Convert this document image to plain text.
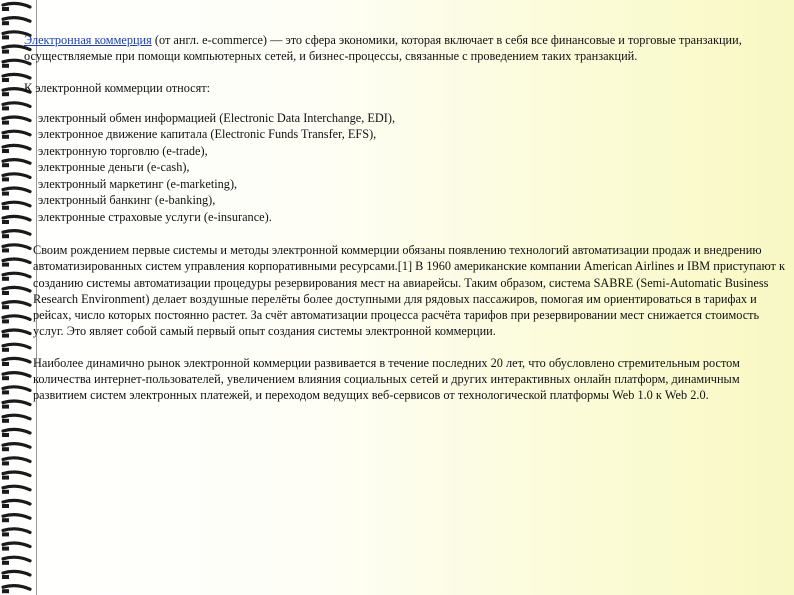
Электронная коммерция (от англ. e-commerce) — это сфера экономики, которая включает в себя все финансовые и торговые транзакции, осуществляемые при помощи компьютерных сетей, и бизнес-процессы, связанные с проведением таких транзакций.

К электронной коммерции относят:

электронный обмен информацией (Electronic Data Interchange, EDI),
электронное движение капитала (Electronic Funds Transfer, EFS),
электронную торговлю (e-trade),
электронные деньги (e-cash),
электронный маркетинг (e-marketing),
электронный банкинг (e-banking),
электронные страховые услуги (e-insurance).

Своим рождением первые системы и методы электронной коммерции обязаны появлению технологий автоматизации продаж и внедрению автоматизированных систем управления корпоративными ресурсами.[1] В 1960 американские компании American Airlines и IBM приступают к созданию системы автоматизации процедуры резервирования мест на авиарейсы. Таким образом, система SABRE (Semi-Automatic Business Research Environment) делает воздушные перелёты более доступными для рядовых пассажиров, помогая им ориентироваться в тарифах и рейсах, число которых постоянно растет. За счёт автоматизации процесса расчёта тарифов при резервировании мест снижается стоимость услуг. Это являет собой самый первый опыт создания системы электронной коммерции.

Наиболее динамично рынок электронной коммерции развивается в течение последних 20 лет, что обусловлено стремительным ростом количества интернет-пользователей, увеличением влияния социальных сетей и других интерактивных онлайн платформ, динамичным развитием систем электронных платежей, и переходом ведущих веб-сервисов от технологической платформы Web 1.0 к Web 2.0.
